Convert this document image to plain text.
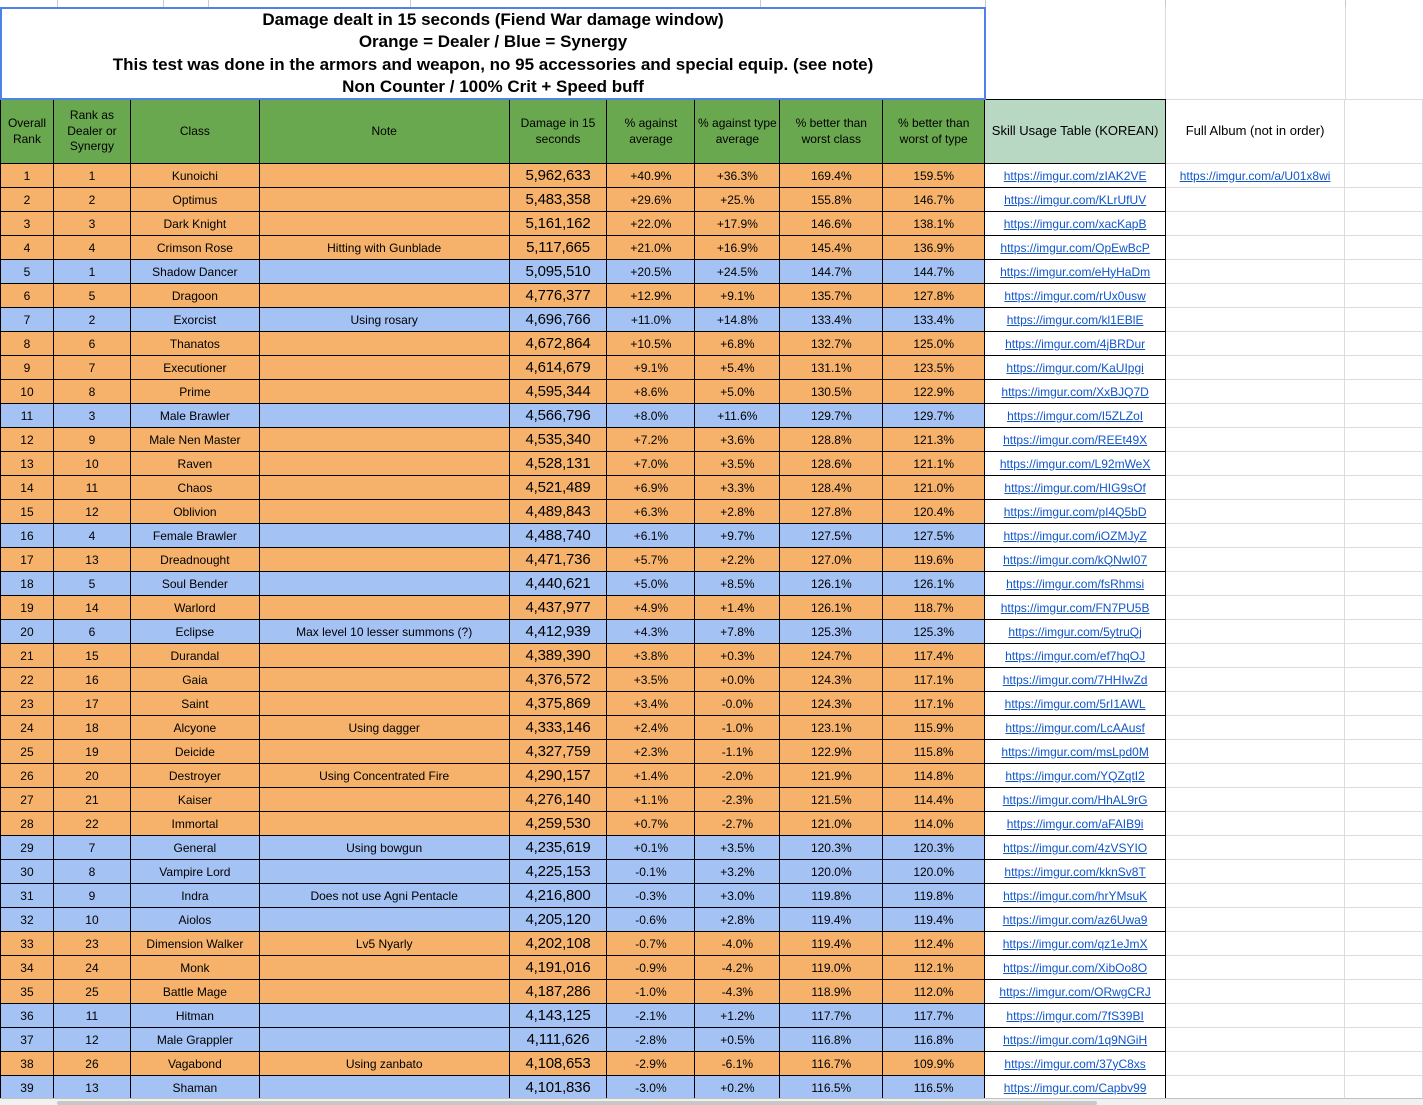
Damage dealt in 15 seconds (Fiend War damage window)
Orange = Dealer / Blue = Synergy
This test was done in the armors and weapon, no 95 accessories and special equip. (see note)
Non Counter / 100% Crit + Speed buff
Overall Rank	Rank as Dealer or Synergy	Class	Note	Damage in 15 seconds	% against average	% against type average	% better than worst class	% better than worst of type	Skill Usage Table (KOREAN)	Full Album (not in order)	
1	1	Kunoichi		5,962,633	+40.9%	+36.3%	169.4%	159.5%	https://imgur.com/zIAK2VE	https://imgur.com/a/U01x8wi	
2	2	Optimus		5,483,358	+29.6%	+25.%	155.8%	146.7%	https://imgur.com/KLrUfUV		
3	3	Dark Knight		5,161,162	+22.0%	+17.9%	146.6%	138.1%	https://imgur.com/xacKapB		
4	4	Crimson Rose	Hitting with Gunblade	5,117,665	+21.0%	+16.9%	145.4%	136.9%	https://imgur.com/OpEwBcP		
5	1	Shadow Dancer		5,095,510	+20.5%	+24.5%	144.7%	144.7%	https://imgur.com/eHyHaDm		
6	5	Dragoon		4,776,377	+12.9%	+9.1%	135.7%	127.8%	https://imgur.com/rUx0usw		
7	2	Exorcist	Using rosary	4,696,766	+11.0%	+14.8%	133.4%	133.4%	https://imgur.com/kl1EBlE		
8	6	Thanatos		4,672,864	+10.5%	+6.8%	132.7%	125.0%	https://imgur.com/4jBRDur		
9	7	Executioner		4,614,679	+9.1%	+5.4%	131.1%	123.5%	https://imgur.com/KaUIpgi		
10	8	Prime		4,595,344	+8.6%	+5.0%	130.5%	122.9%	https://imgur.com/XxBJQ7D		
11	3	Male Brawler		4,566,796	+8.0%	+11.6%	129.7%	129.7%	https://imgur.com/I5ZLZoI		
12	9	Male Nen Master		4,535,340	+7.2%	+3.6%	128.8%	121.3%	https://imgur.com/REEt49X		
13	10	Raven		4,528,131	+7.0%	+3.5%	128.6%	121.1%	https://imgur.com/L92mWeX		
14	11	Chaos		4,521,489	+6.9%	+3.3%	128.4%	121.0%	https://imgur.com/HIG9sOf		
15	12	Oblivion		4,489,843	+6.3%	+2.8%	127.8%	120.4%	https://imgur.com/pI4Q5bD		
16	4	Female Brawler		4,488,740	+6.1%	+9.7%	127.5%	127.5%	https://imgur.com/iOZMJyZ		
17	13	Dreadnought		4,471,736	+5.7%	+2.2%	127.0%	119.6%	https://imgur.com/kQNwI07		
18	5	Soul Bender		4,440,621	+5.0%	+8.5%	126.1%	126.1%	https://imgur.com/fsRhmsi		
19	14	Warlord		4,437,977	+4.9%	+1.4%	126.1%	118.7%	https://imgur.com/FN7PU5B		
20	6	Eclipse	Max level 10 lesser summons (?)	4,412,939	+4.3%	+7.8%	125.3%	125.3%	https://imgur.com/5ytruQj		
21	15	Durandal		4,389,390	+3.8%	+0.3%	124.7%	117.4%	https://imgur.com/ef7hqOJ		
22	16	Gaia		4,376,572	+3.5%	+0.0%	124.3%	117.1%	https://imgur.com/7HHIwZd		
23	17	Saint		4,375,869	+3.4%	-0.0%	124.3%	117.1%	https://imgur.com/5rI1AWL		
24	18	Alcyone	Using dagger	4,333,146	+2.4%	-1.0%	123.1%	115.9%	https://imgur.com/LcAAusf		
25	19	Deicide		4,327,759	+2.3%	-1.1%	122.9%	115.8%	https://imgur.com/msLpd0M		
26	20	Destroyer	Using Concentrated Fire	4,290,157	+1.4%	-2.0%	121.9%	114.8%	https://imgur.com/YQZqtI2		
27	21	Kaiser		4,276,140	+1.1%	-2.3%	121.5%	114.4%	https://imgur.com/HhAL9rG		
28	22	Immortal		4,259,530	+0.7%	-2.7%	121.0%	114.0%	https://imgur.com/aFAIB9i		
29	7	General	Using bowgun	4,235,619	+0.1%	+3.5%	120.3%	120.3%	https://imgur.com/4zVSYIO		
30	8	Vampire Lord		4,225,153	-0.1%	+3.2%	120.0%	120.0%	https://imgur.com/kknSv8T		
31	9	Indra	Does not use Agni Pentacle	4,216,800	-0.3%	+3.0%	119.8%	119.8%	https://imgur.com/hrYMsuK		
32	10	Aiolos		4,205,120	-0.6%	+2.8%	119.4%	119.4%	https://imgur.com/az6Uwa9		
33	23	Dimension Walker	Lv5 Nyarly	4,202,108	-0.7%	-4.0%	119.4%	112.4%	https://imgur.com/qz1eJmX		
34	24	Monk		4,191,016	-0.9%	-4.2%	119.0%	112.1%	https://imgur.com/XibOo8O		
35	25	Battle Mage		4,187,286	-1.0%	-4.3%	118.9%	112.0%	https://imgur.com/ORwgCRJ		
36	11	Hitman		4,143,125	-2.1%	+1.2%	117.7%	117.7%	https://imgur.com/7fS39BI		
37	12	Male Grappler		4,111,626	-2.8%	+0.5%	116.8%	116.8%	https://imgur.com/1q9NGiH		
38	26	Vagabond	Using zanbato	4,108,653	-2.9%	-6.1%	116.7%	109.9%	https://imgur.com/37yC8xs		
39	13	Shaman		4,101,836	-3.0%	+0.2%	116.5%	116.5%	https://imgur.com/Capbv99		
